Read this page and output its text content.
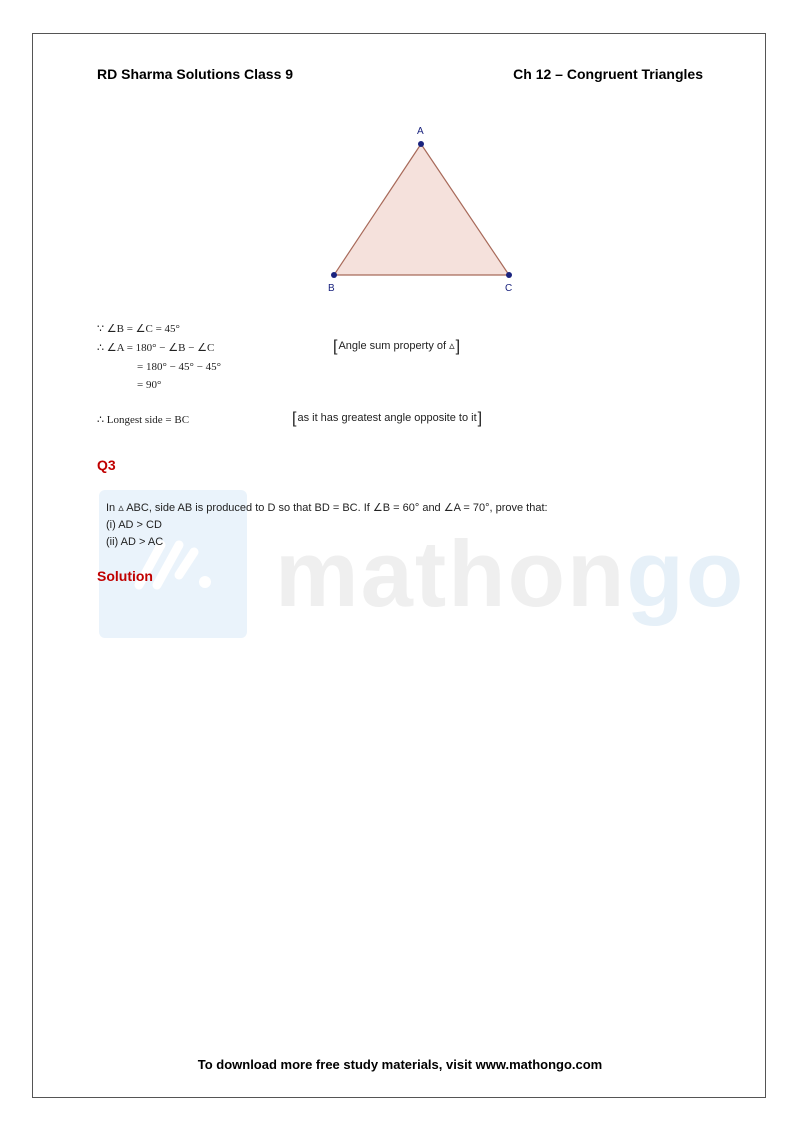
RD Sharma Solutions Class 9	Ch 12 – Congruent Triangles
mathongo
A
B	C
∵ ∠B = ∠C = 45°
∴ ∠A = 180° − ∠B − ∠C	[ Angle sum property of ▵ ]
= 180° − 45° − 45°
= 90°
∴ Longest side = BC	[ as it has greatest angle opposite to it ]
Q3
In ▵ ABC, side AB is produced to D so that BD = BC. If ∠B = 60° and ∠A = 70°, prove that:
(i) AD > CD
(ii) AD > AC
Solution
To download more free study materials, visit www.mathongo.com
